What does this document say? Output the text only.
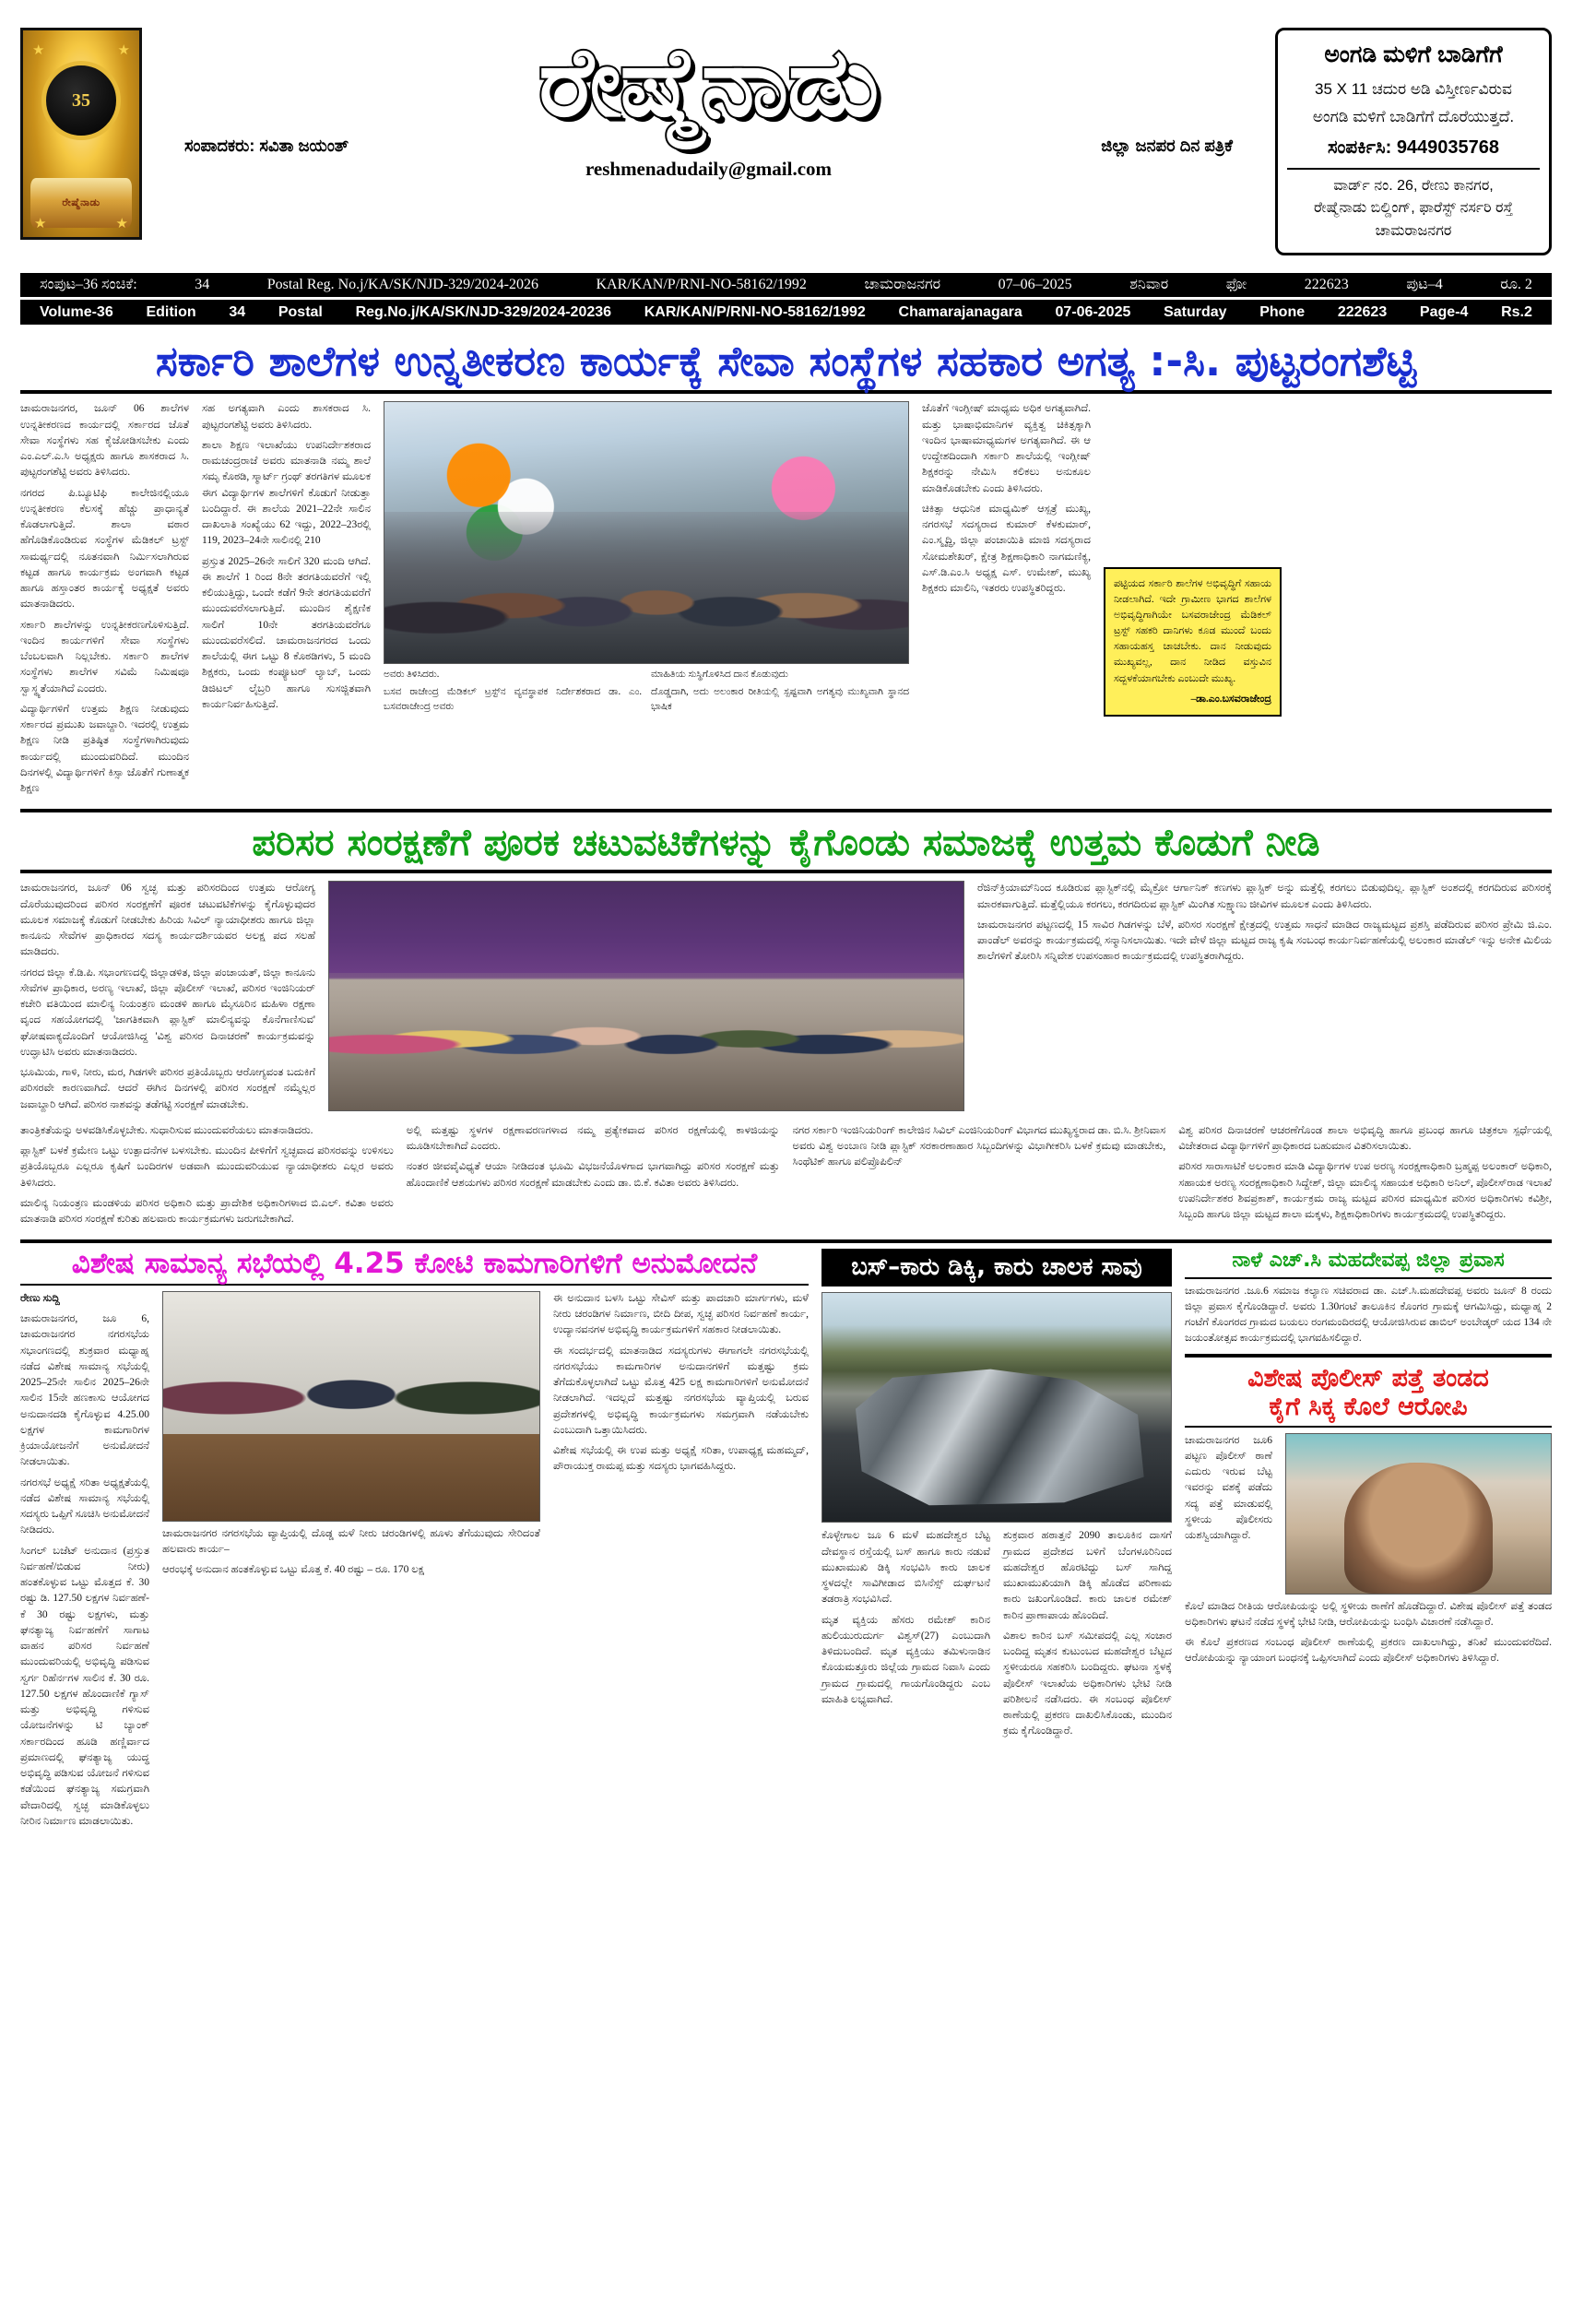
★	★
35
ರೇಷ್ಮೆನಾಡು
★	★
ರೇಷ್ಮೆನಾಡು
ಸಂಪಾದಕರು: ಸವಿತಾ ಜಯಂತ್	ಜಿಲ್ಲಾ ಜನಪರ ದಿನ ಪತ್ರಿಕೆ
reshmenadudaily@gmail.com
ಅಂಗಡಿ ಮಳಿಗೆ ಬಾಡಿಗೆಗೆ
35 X 11 ಚದುರ ಅಡಿ ವಿಸ್ತೀರ್ಣವಿರುವ
ಅಂಗಡಿ ಮಳಿಗೆ ಬಾಡಿಗೆಗೆ ದೊರೆಯುತ್ತದೆ.
ಸಂಪರ್ಕಿಸಿ: 9449035768
ವಾರ್ಡ್ ನಂ. 26, ರೇಣು ಕಾನಗರ,
ರೇಷ್ಮೆನಾಡು ಬಿಲ್ಡಿಂಗ್, ಫಾರೆಸ್ಟ್ ನರ್ಸರಿ ರಸ್ತೆ
ಚಾಮರಾಜನಗರ
ಸಂಪುಟ–36 ಸಂಚಿಕೆ:	34	Postal Reg. No.j/KA/SK/NJD-329/2024-2026	KAR/KAN/P/RNI-NO-58162/1992	ಚಾಮರಾಜನಗರ	07–06–2025	ಶನಿವಾರ	ಫೋ	222623	ಪುಟ–4	ರೂ. 2
Volume-36 Edition 34 Postal Reg.No.j/KA/SK/NJD-329/2024-20236 KAR/KAN/P/RNI-NO-58162/1992 Chamarajanagara 07-06-2025 Saturday Phone 222623 Page-4 Rs.2
ಸರ್ಕಾರಿ ಶಾಲೆಗಳ ಉನ್ನತೀಕರಣ ಕಾರ್ಯಕ್ಕೆ ಸೇವಾ ಸಂಸ್ಥೆಗಳ ಸಹಕಾರ ಅಗತ್ಯ :-ಸಿ. ಪುಟ್ಟರಂಗಶೆಟ್ಟಿ

ಚಾಮರಾಜನಗರ, ಜೂನ್ 06 ಶಾಲೆಗಳ ಉನ್ನತೀಕರಣದ ಕಾರ್ಯದಲ್ಲಿ ಸರ್ಕಾರದ ಜೊತೆ ಸೇವಾ ಸಂಸ್ಥೆಗಳು ಸಹ ಕೈಜೋಡಿಸಬೇಕು ಎಂದು ಎಂ.ಎಲ್.ಎ.ಸಿ ಅಧ್ಯಕ್ಷರು ಹಾಗೂ ಶಾಸಕರಾದ ಸಿ. ಪುಟ್ಟರಂಗಶೆಟ್ಟಿ ಅವರು ತಿಳಿಸಿದರು.

ನಗರದ ಪಿ.ಬ್ಯೂಟಿಫಿ ಕಾಲೇಜಿನಲ್ಲಿಯೂ ಉನ್ನತೀಕರಣ ಕೆಲಸಕ್ಕೆ ಹೆಚ್ಚು ಪ್ರಾಧಾನ್ಯತೆ ಕೊಡಲಾಗುತ್ತಿದೆ. ಶಾಲಾ ವಠಾರ ಹೆಗೊಡಿಕೊಂಡಿರುವ ಸಂಸ್ಥೆಗಳ ಮೆಡಿಕಲ್ ಟ್ರಸ್ಟ್ ಸಾಮರ್ಥ್ಯದಲ್ಲಿ ನೂತನವಾಗಿ ನಿರ್ಮಿಸಲಾಗಿರುವ ಕಟ್ಟಡ ಹಾಗೂ ಕಾರ್ಯಕ್ರಮ ಅಂಗವಾಗಿ ಕಟ್ಟಡ ಹಾಗೂ ಹಸ್ತಾಂತರ ಕಾರ್ಯಕ್ಕೆ ಅಧ್ಯಕ್ಷತೆ ಅವರು ಮಾತನಾಡಿದರು.

ಸರ್ಕಾರಿ ಶಾಲೆಗಳನ್ನು ಉನ್ನತೀಕರಣಗೊಳಿಸುತ್ತಿದೆ. ಇಂದಿನ ಕಾರ್ಯಗಳಿಗೆ ಸೇವಾ ಸಂಸ್ಥೆಗಳು ಬೆಂಬಲವಾಗಿ ನಿಲ್ಲಬೇಕು. ಸರ್ಕಾರಿ ಶಾಲೆಗಳ ಸಂಸ್ಥೆಗಳು ಶಾಲೆಗಳ ಸವಿಮೆ ನಿಮಿಷವೂ ಸ್ವಾಸ್ಥ್ಯತೆಯಾಗಿದೆ ಎಂದರು.

ವಿದ್ಯಾರ್ಥಿಗಳಿಗೆ ಉತ್ತಮ ಶಿಕ್ಷಣ ನೀಡುವುದು ಸರ್ಕಾರದ ಪ್ರಮುಖ ಜವಾಬ್ದಾರಿ. ಇದರಲ್ಲಿ ಉತ್ತಮ ಶಿಕ್ಷಣ ನೀಡಿ ಪ್ರತಿಷ್ಠಿತ ಸಂಸ್ಥೆಗಳಾಗಿರುವುದು ಕಾರ್ಯದಲ್ಲಿ ಮುಂದುವರಿದಿದೆ. ಮುಂದಿನ ದಿನಗಳಲ್ಲಿ ವಿದ್ಯಾರ್ಥಿಗಳಿಗೆ ಕಿಸ್ಸಾ ಜೊತೆಗೆ ಗುಣಾತ್ಮಕ ಶಿಕ್ಷಣ

ಸಹ ಅಗತ್ಯವಾಗಿ ಎಂದು ಶಾಸಕರಾದ ಸಿ. ಪುಟ್ಟರಂಗಶೆಟ್ಟಿ ಅವರು ತಿಳಿಸಿದರು.

ಶಾಲಾ ಶಿಕ್ಷಣ ಇಲಾಖೆಯು ಉಪನಿರ್ದೇಶಕರಾದ ರಾಮಚಂದ್ರರಾಜೆ ಅವರು ಮಾತನಾಡಿ ನಮ್ಮ ಶಾಲೆ ಸಮೃ ಕೊಠಡಿ, ಸ್ಮಾರ್ಟ್ ಗ್ರಂಥ್ ತರಗತಿಗಳ ಮೂಲಕ ಈಗ ವಿದ್ಯಾರ್ಥಿಗಳ ಶಾಲೆಗಳಿಗೆ ಕೊಡುಗೆ ನೀಡುತ್ತಾ ಬಂದಿದ್ದಾರೆ. ಈ ಶಾಲೆಯ 2021–22ನೇ ಸಾಲಿನ ದಾಖಲಾತಿ ಸಂಖ್ಯೆಯು 62 ಇದ್ದು, 2022–23ರಲ್ಲಿ 119, 2023–24ನೇ ಸಾಲಿನಲ್ಲಿ 210

ಪ್ರಸ್ತುತ 2025–26ನೇ ಸಾಲಿಗೆ 320 ಮಂದಿ ಆಗಿದೆ. ಈ ಶಾಲೆಗೆ 1 ರಿಂದ 8ನೇ ತರಗತಿಯವರೆಗೆ ಇಲ್ಲಿ ಕಲಿಯುತ್ತಿದ್ದು, ಒಂದೇ ಕಡೆಗೆ 9ನೇ ತರಗತಿಯವರೆಗೆ ಮುಂದುವರೆಸಲಾಗುತ್ತಿದೆ. ಮುಂದಿನ ಶೈಕ್ಷಣಿಕ ಸಾಲಿಗೆ 10ನೇ ತರಗತಿಯವರೆಗೂ ಮುಂದುವರೆಸಲಿದೆ. ಚಾಮರಾಜನಗರದ ಒಂದು ಶಾಲೆಯಲ್ಲಿ ಈಗ ಒಟ್ಟು 8 ಕೊಠಡಿಗಳು, 5 ಮಂದಿ ಶಿಕ್ಷಕರು, ಒಂದು ಕಂಪ್ಯೂಟರ್ ಲ್ಯಾಬ್, ಒಂದು ಡಿಜಿಟಲ್ ಲೈಬ್ರರಿ ಹಾಗೂ ಸುಸಜ್ಜಿತವಾಗಿ ಕಾರ್ಯನಿರ್ವಹಿಸುತ್ತಿದೆ.

ಅವರು ತಿಳಿಸಿದರು.	ಮಾಹಿತಿಯ ಸುಸ್ಥಿಗೊಳಿಸಿದ ದಾನ ಕೊಡುವುದು
ಬಸವ ರಾಜೇಂದ್ರ ಮೆಡಿಕಲ್ ಟ್ರಸ್ಟ್‌ನ ವ್ಯವಸ್ಥಾಪಕ ನಿರ್ದೇಶಕರಾದ ಡಾ. ಎಂ. ಬಸವರಾಜೇಂದ್ರ ಅವರು
ದೊಡ್ಡದಾಗಿ, ಅದು ಅಲಂಕಾರ ರೀತಿಯಲ್ಲಿ ಸ್ಪಷ್ಟವಾಗಿ ಅಗತ್ಯವು ಮುಖ್ಯವಾಗಿ ಸ್ಥಾನದ ಭಾಷಿಕ

ಜೊತೆಗೆ ಇಂಗ್ಲೀಷ್ ಮಾಧ್ಯಮ ಅಧಿಕ ಅಗತ್ಯವಾಗಿದೆ. ಮತ್ತು ಭಾಷಾಭಿಮಾನಿಗಳ ವ್ಯಕ್ತಿತ್ವ ಚಿಕಿತ್ಸಕ್ಕಾಗಿ ಇಂದಿನ ಭಾಷಾಮಾಧ್ಯಮಗಳ ಅಗತ್ಯವಾಗಿದೆ. ಈ ಆ ಉದ್ದೇಶದಿಂದಾಗಿ ಸರ್ಕಾರಿ ಶಾಲೆಯಲ್ಲಿ ಇಂಗ್ಲೀಷ್ ಶಿಕ್ಷಕರನ್ನು ನೇಮಿಸಿ ಕಲಿಕಲು ಅನುಕೂಲ ಮಾಡಿಕೊಡಬೇಕು ಎಂದು ತಿಳಿಸಿದರು.

ಚಿಕಿತ್ಸಾ ಆಧುನಿಕ ಮಾಧ್ಯಮಿಕ್ ಆಸ್ಪತ್ರೆ ಮುಖ್ಯ, ನಗರಸಭೆ ಸದಸ್ಯರಾದ ಕುಮಾರ್ ಕೆಳಕುಮಾರ್, ಎಂ.ಸ್ಮೃದ್ಧಿ, ಜಿಲ್ಲಾ ಪಂಚಾಯಿತಿ ಮಾಜಿ ಸದಸ್ಯರಾದ ಸೋಮಶೇಖರ್, ಕ್ಷೇತ್ರ ಶಿಕ್ಷಣಾಧಿಕಾರಿ ನಾಗಮಣಿಕ್ಯ, ಎಸ್.ಡಿ.ಎಂ.ಸಿ ಅಧ್ಯಕ್ಷ ಎಸ್. ಉಮೇಶ್, ಮುಖ್ಯ ಶಿಕ್ಷಕರು ಮಾಲಿನಿ, ಇತರರು ಉಪಸ್ಥಿತರಿದ್ದರು.	ಪಟ್ಟಿಯದ ಸರ್ಕಾರಿ ಶಾಲೆಗಳ ಅಭಿವೃದ್ಧಿಗೆ ಸಹಾಯ ನೀಡಲಾಗಿದೆ. ಇದೇ ಗ್ರಾಮೀಣ ಭಾಗದ ಶಾಲೆಗಳ ಅಭಿವೃದ್ಧಿಗಾಗಿಯೇ ಬಸವರಾಜೇಂದ್ರ ಮೆಡಿಕಲ್ ಟ್ರಸ್ಟ್ ಸಹಕರಿ ದಾನಿಗಳು ಕೂಡ ಮುಂದೆ ಬಂದು ಸಹಾಯಹಸ್ತ ಚಾಚಬೇಕು. ದಾನ ನೀಡುವುದು ಮುಖ್ಯವಲ್ಲ, ದಾನ ನೀಡಿದ ವಸ್ತುವಿನ ಸದ್ಬಳಕೆಯಾಗಬೇಕು ಎಂಬುದೇ ಮುಖ್ಯ.
–ಡಾ.ಎಂ.ಬಸವರಾಜೇಂದ್ರ
ಪರಿಸರ ಸಂರಕ್ಷಣೆಗೆ ಪೂರಕ ಚಟುವಟಿಕೆಗಳನ್ನು ಕೈಗೊಂಡು ಸಮಾಜಕ್ಕೆ ಉತ್ತಮ ಕೊಡುಗೆ ನೀಡಿ

ಚಾಮರಾಜನಗರ, ಜೂನ್ 06 ಸ್ವಚ್ಛ ಮತ್ತು ಪರಿಸರದಿಂದ ಉತ್ತಮ ಆರೋಗ್ಯ ದೊರೆಯುವುದರಿಂದ ಪರಿಸರ ಸಂರಕ್ಷಣೆಗೆ ಪೂರಕ ಚಟುವಟಿಕೆಗಳನ್ನು ಕೈಗೊಳ್ಳುವುದರ ಮೂಲಕ ಸಮಾಜಕ್ಕೆ ಕೊಡುಗೆ ನೀಡಬೇಕು ಹಿರಿಯ ಸಿವಿಲ್ ನ್ಯಾಯಾಧೀಶರು ಹಾಗೂ ಜಿಲ್ಲಾ ಕಾನೂನು ಸೇವೆಗಳ ಪ್ರಾಧಿಕಾರದ ಸದಸ್ಯ ಕಾರ್ಯದರ್ಶಿಯವರ ಅಲಕ್ಷ ಪದ ಸಲಹೆ ಮಾಡಿದರು.

ನಗರದ ಜಿಲ್ಲಾ ಕೆ.ಡಿ.ಪಿ. ಸಭಾಂಗಣದಲ್ಲಿ ಜಿಲ್ಲಾಡಳಿತ, ಜಿಲ್ಲಾ ಪಂಚಾಯತ್, ಜಿಲ್ಲಾ ಕಾನೂನು ಸೇವೆಗಳ ಪ್ರಾಧಿಕಾರ, ಅರಣ್ಯ ಇಲಾಖೆ, ಜಿಲ್ಲಾ ಪೊಲೀಸ್ ಇಲಾಖೆ, ಪರಿಸರ ಇಂಜಿನಿಯರ್ ಕಚೇರಿ ವತಿಯಿಂದ ಮಾಲಿನ್ಯ ನಿಯಂತ್ರಣ ಮಂಡಳಿ ಹಾಗೂ ಮೈಸೂರಿನ ಮಹಿಳಾ ರಕ್ಷಣಾ ವೃಂದ ಸಹಯೋಗದಲ್ಲಿ 'ಜಾಗತಿಕವಾಗಿ ಪ್ಲಾಸ್ಟಿಕ್ ಮಾಲಿನ್ಯವನ್ನು ಕೊನೆಗಾಣಿಸುವ' ಘೋಷವಾಕ್ಯದೊಂದಿಗೆ ಆಯೋಜಿಸಿದ್ದ 'ವಿಶ್ವ ಪರಿಸರ ದಿನಾಚರಣೆ' ಕಾರ್ಯಕ್ರಮವನ್ನು ಉದ್ಘಾಟಿಸಿ ಅವರು ಮಾತನಾಡಿದರು.

ಭೂಮಿಯ, ಗಾಳಿ, ನೀರು, ಮರ, ಗಿಡಗಳೇ ಪರಿಸರ ಪ್ರತಿಯೊಬ್ಬರು ಆರೋಗ್ಯವಂತ ಬದುಕಿಗೆ ಪರಿಸರವೇ ಕಾರಣವಾಗಿದೆ. ಆದರೆ ಈಗಿನ ದಿನಗಳಲ್ಲಿ ಪರಿಸರ ಸಂರಕ್ಷಣೆ ನಮ್ಮೆಲ್ಲರ ಜವಾಬ್ದಾರಿ ಆಗಿದೆ. ಪರಿಸರ ನಾಶವನ್ನು ತಡೆಗಟ್ಟಿ ಸಂರಕ್ಷಣೆ ಮಾಡಬೇಕು.

ರೆಜಿನ್‌ಕ್ರಿಯಾಮ್‌ನಿಂದ ಕೂಡಿರುವ ಪ್ಲಾಸ್ಟಿಕ್‌ನಲ್ಲಿ ಮೈಕ್ರೋ ಆರ್ಗಾನಿಕ್ ಕಣಗಳು ಪ್ಲಾಸ್ಟಿಕ್ ಅನ್ನು ಮತ್ತೆಲ್ಲಿ ಕರಗಲು ಬಿಡುವುದಿಲ್ಲ. ಪ್ಲಾಸ್ಟಿಕ್ ಅಂಶದಲ್ಲಿ ಕರಗದಿರುವ ಪರಿಸರಕ್ಕೆ ಮಾರಕವಾಗುತ್ತಿದೆ. ಮತ್ತೆಲ್ಲಿಯೂ ಕರಗಲು, ಕರಗದಿರುವ ಪ್ಲಾಸ್ಟಿಕ್ ಮಿಂಗಿತ ಸುಕ್ಷ್ಮಾಣು ಜೀವಿಗಳ ಮೂಲಕ ಎಂದು ತಿಳಿಸಿದರು.

ಚಾಮರಾಜನಗರ ಪಟ್ಟಣದಲ್ಲಿ 15 ಸಾವಿರ ಗಿಡಗಳನ್ನು ಬೆಳೆ, ಪರಿಸರ ಸಂರಕ್ಷಣೆ ಕ್ಷೇತ್ರದಲ್ಲಿ ಉತ್ತಮ ಸಾಧನೆ ಮಾಡಿದ ರಾಜ್ಯಮಟ್ಟದ ಪ್ರಶಸ್ತಿ ಪಡೆದಿರುವ ಪರಿಸರ ಪ್ರೇಮಿ ಜಿ.ಎಂ. ಪಾಂಡೆಲ್ ಅವರನ್ನು ಕಾರ್ಯಕ್ರಮದಲ್ಲಿ ಸನ್ಮಾನಿಸಲಾಯಿತು. ಇದೇ ವೇಳೆ ಜಿಲ್ಲಾ ಮಟ್ಟದ ರಾಜ್ಯ ಕೃಷಿ ಸಂಬಂಧ ಕಾರ್ಯನಿರ್ವಹಣೆಯಲ್ಲಿ ಅಲಂಕಾರ ಮಾಡೆಲ್ ಇನ್ನು ಅನೇಕ ಮಿಲಿಯ ಶಾಲೆಗಳಿಗೆ ತೋರಿಸಿ ಸನ್ನಿವೇಶ ಉಪಸಂಹಾರ ಕಾರ್ಯಕ್ರಮದಲ್ಲಿ ಉಪಸ್ಥಿತರಾಗಿದ್ದರು.

ತಾಂತ್ರಿಕತೆಯನ್ನು ಅಳವಡಿಸಿಕೊಳ್ಳಬೇಕು. ಸುಧಾರಿಸುವ ಮುಂದುವರೆಯಲು ಮಾತನಾಡಿದರು.

ಪ್ಲಾಸ್ಟಿಕ್ ಬಳಕೆ ಕ್ರಮೇಣ ಒಟ್ಟು ಉತ್ಪಾದನೆಗಳ ಬಳಸಬೇಕು. ಮುಂದಿನ ಪೀಳಿಗೆಗೆ ಸ್ವಚ್ಛವಾದ ಪರಿಸರವನ್ನು ಉಳಿಸಲು ಪ್ರತಿಯೊಬ್ಬರೂ ಎಲ್ಲರೂ ಕೃಷಿಗೆ ಬಂದಿರಗಳ ಅಡವಾಗಿ ಮುಂದುವರಿಯುವ ನ್ಯಾಯಾಧೀಶರು ಎಲ್ಲರ ಅವರು ತಿಳಿಸಿದರು.

ಮಾಲಿನ್ಯ ನಿಯಂತ್ರಣ ಮಂಡಳಿಯ ಪರಿಸರ ಅಧಿಕಾರಿ ಮತ್ತು ಪ್ರಾದೇಶಿಕ ಅಧಿಕಾರಿಗಳಾದ ಬಿ.ಎಲ್. ಕವಿತಾ ಅವರು ಮಾತನಾಡಿ ಪರಿಸರ ಸಂರಕ್ಷಣೆ ಕುರಿತು ಹಲವಾರು ಕಾರ್ಯಕ್ರಮಗಳು ಜರುಗಬೇಕಾಗಿದೆ.

ಅಲ್ಲಿ ಮತ್ತಷ್ಟು ಸ್ಥಳಗಳ ರಕ್ಷಣಾವರಣಗಳಾದ ನಮ್ಮ ಪ್ರತ್ಯೇಕವಾದ ಪರಿಸರ ರಕ್ಷಣೆಯಲ್ಲಿ ಕಾಳಜಿಯನ್ನು ಮೂಡಿಸಬೇಕಾಗಿದೆ ಎಂದರು.

ನಂತರ ಜೀವವೈವಿಧ್ಯತೆ ಆಯಾ ನೀಡಿದಂತ ಭೂಮಿ ವಿಭಜನೆಯೊಳಗಾದ ಭಾಗವಾಗಿದ್ದು ಪರಿಸರ ಸಂರಕ್ಷಣೆ ಮತ್ತು ಹೊಂದಾಣಿಕೆ ಆಶಯಗಳು ಪರಿಸರ ಸಂರಕ್ಷಣೆ ಮಾಡಬೇಕು ಎಂದು ಡಾ. ಬಿ.ಕೆ. ಕವಿತಾ ಅವರು ತಿಳಿಸಿದರು.

ನಗರ ಸರ್ಕಾರಿ ಇಂಜಿನಿಯರಿಂಗ್ ಕಾಲೇಜಿನ ಸಿವಿಲ್ ಎಂಜಿನಿಯರಿಂಗ್ ವಿಭಾಗದ ಮುಖ್ಯಸ್ಥರಾದ ಡಾ. ಬಿ.ಸಿ. ಶ್ರೀನಿವಾಸ ಅವರು ವಿಶ್ವ ಅಂಬಾಣ ನೀಡಿ ಪ್ಲಾಸ್ಟಿಕ್ ಸರಕಾರಣಾಹಾರ ಸಿಬ್ಬಂದಿಗಳನ್ನು ವಿಭಾಗೀಕರಿಸಿ ಬಳಕೆ ಕ್ರಮವು ಮಾಡಬೇಕು, ಸಿಂಥೆಟಿಕ್ ಹಾಗೂ ಪಲಿಪ್ರೊಪಿಲಿನ್

ವಿಶ್ವ ಪರಿಸರ ದಿನಾಚರಣೆ ಆಚರಣೆಗೊಂಡ ಶಾಲಾ ಅಭಿವೃದ್ಧಿ ಹಾಗೂ ಪ್ರಬಂಧ ಹಾಗೂ ಚಿತ್ರಕಲಾ ಸ್ಪರ್ಧೆಯಲ್ಲಿ ವಿಜೇತರಾದ ವಿದ್ಯಾರ್ಥಿಗಳಿಗೆ ಪ್ರಾಧಿಕಾರದ ಬಹುಮಾನ ವಿತರಿಸಲಾಯಿತು.

ಪರಿಸರ ಸಾರಾಸಾಟಿಕೆ ಅಲಂಕಾರ ಮಾಡಿ ವಿದ್ಯಾರ್ಥಿಗಳ ಉಪ ಅರಣ್ಯ ಸಂರಕ್ಷಣಾಧಿಕಾರಿ ಬ್ರಹ್ಮಪ್ಪ ಅಲಂಕಾರ್ ಅಧಿಕಾರಿ, ಸಹಾಯಕ ಅರಣ್ಯ ಸಂರಕ್ಷಣಾಧಿಕಾರಿ ಸಿದ್ದೇಶ್, ಜಿಲ್ಲಾ ಮಾಲಿನ್ಯ ಸಹಾಯಕ ಅಧಿಕಾರಿ ಅನಿಲ್, ಪೊಲೀಸ್‌ರಾಡ ಇಲಾಖೆ ಉಪನಿರ್ದೇಶಕರ ಶಿವಪ್ರಕಾಶ್, ಕಾರ್ಯಕ್ರಮ ರಾಜ್ಯ ಮಟ್ಟದ ಪರಿಸರ ಮಾಧ್ಯಮಿಕ ಪರಿಸರ ಅಧಿಕಾರಿಗಳು ಕವಿಶ್ರೀ, ಸಿಬ್ಬಂದಿ ಹಾಗೂ ಜಿಲ್ಲಾ ಮಟ್ಟದ ಶಾಲಾ ಮಕ್ಕಳು, ಶಿಕ್ಷಕಾಧಿಕಾರಿಗಳು ಕಾರ್ಯಕ್ರಮದಲ್ಲಿ ಉಪಸ್ಥಿತರಿದ್ದರು.

ವಿಶೇಷ ಸಾಮಾನ್ಯ ಸಭೆಯಲ್ಲಿ 4.25 ಕೋಟಿ ಕಾಮಗಾರಿಗಳಿಗೆ ಅನುಮೋದನೆ

ರೇಣು ಸುದ್ದಿ

ಚಾಮರಾಜನಗರ, ಜೂ 6, ಚಾಮರಾಜನಗರ ನಗರಸಭೆಯ ಸಭಾಂಗಣದಲ್ಲಿ ಶುಕ್ರವಾರ ಮಧ್ಯಾಹ್ನ ನಡೆದ ವಿಶೇಷ ಸಾಮಾನ್ಯ ಸಭೆಯಲ್ಲಿ 2025–25ನೇ ಸಾಲಿನ 2025–26ನೇ ಸಾಲಿನ 15ನೇ ಹಣಕಾಸು ಆಯೋಗದ ಅನುದಾನದಡಿ ಕೈಗೊಳ್ಳುವ 4.25.00 ಲಕ್ಷಗಳ ಕಾಮಗಾರಿಗಳ ಕ್ರಿಯಾಯೋಜನೆಗೆ ಅನುಮೋದನೆ ನೀಡಲಾಯಿತು.

ನಗರಸಭೆ ಅಧ್ಯಕ್ಷೆ ಸರಿತಾ ಅಧ್ಯಕ್ಷತೆಯಲ್ಲಿ ನಡೆದ ವಿಶೇಷ ಸಾಮಾನ್ಯ ಸಭೆಯಲ್ಲಿ ಸದಸ್ಯರು ಒಪ್ಪಿಗೆ ಸೂಚಿಸಿ ಅನುಮೋದನೆ ನೀಡಿದರು.

ಸಿಂಗಲ್ ಬಜೆಟ್ ಅನುದಾನ (ಪ್ರಸ್ತುತ ನಿರ್ವಹಣೆ/ಬಿಡುವ ನೀರು) ಹಂತಕೊಳ್ಳುವ ಒಟ್ಟು ಮೊತ್ತದ ಕೆ. 30 ರಷ್ಟು ಡಿ. 127.50 ಲಕ್ಷಗಳ ನಿರ್ವಹಣೆ-ಕೆ 30 ರಷ್ಟು ಲಕ್ಷಗಳು, ಮತ್ತು ಘನತ್ಯಾಜ್ಯ ನಿರ್ವಹಣೆಗೆ ಸಾಗಾಟ ವಾಹನ ಪರಿಸರ ನಿರ್ವಹಣೆ ಮುಂದುವರಿಯಲ್ಲಿ ಅಭಿವೃದ್ಧಿ ಪಡಿಸುವ ಸ್ವರ್ಗ ರಿಹೆರ್ನಗಳ ಸಾಲಿನ ಕೆ. 30 ರೂ. 127.50 ಲಕ್ಷಗಳ ಹೊಂದಾಣಿಕೆ ಗ್ಯಾಸ್ ಮತ್ತು ಅಭಿವೃದ್ಧಿ ಗಳಿಸುವ ಯೋಜನೆಗಳನ್ನು ಟಿ ಬ್ಯಾಂಕ್ ಸರ್ಕಾರದಿಂದ ಹೂಡಿ ಹಣ್ಣಿರ್ವಾದ ಪ್ರಮಾಣದಲ್ಲಿ ಘನತ್ಯಾಜ್ಯ ಯುದ್ಧ ಅಭಿವೃದ್ಧಿ ಪಡಿಸುವ ಯೋಜನೆ ಗಳಿಸುವ ಕಡೆಯಿಂದ ಘನತ್ಯಾಜ್ಯ ಸಮಗ್ರವಾಗಿ ವೇದಾರಿದಲ್ಲಿ ಸ್ವಚ್ಛ ಮಾಡಿಕೊಳ್ಳಲು ನೀರಿನ ನಿರ್ಮಾಣ ಮಾಡಲಾಯಿತು.

ಚಾಮರಾಜನಗರ ನಗರಸಭೆಯ ವ್ಯಾಪ್ತಿಯಲ್ಲಿ ದೊಡ್ಡ ಮಳೆ ನೀರು ಚರಂಡಿಗಳಲ್ಲಿ ಹೂಳು ತೆಗೆಯುವುದು ಸೇರಿದಂತೆ ಹಲವಾರು ಕಾರ್ಯ–

ಆರಂಭಕ್ಕೆ ಅನುದಾನ ಹಂತಕೊಳ್ಳುವ ಒಟ್ಟು ಮೊತ್ತ ಕೆ. 40 ರಷ್ಟು – ರೂ. 170 ಲಕ್ಷ

ಈ ಅನುದಾನ ಬಳಸಿ ಒಟ್ಟು ಸೇವಿಸ್ ಮತ್ತು ಪಾದಚಾರಿ ಮಾರ್ಗಗಳು, ಮಳೆ ನೀರು ಚರಂಡಿಗಳ ನಿರ್ಮಾಣ, ಬೀದಿ ದೀಪ, ಸ್ವಚ್ಛ ಪರಿಸರ ನಿರ್ವಹಣೆ ಕಾರ್ಯ, ಉದ್ಯಾನವನಗಳ ಅಭಿವೃದ್ಧಿ ಕಾರ್ಯಕ್ರಮಗಳಿಗೆ ಸಹಕಾರ ನೀಡಲಾಯಿತು.

ಈ ಸಂದರ್ಭದಲ್ಲಿ ಮಾತನಾಡಿದ ಸದಸ್ಯರುಗಳು ಈಗಾಗಲೇ ನಗರಸಭೆಯಲ್ಲಿ ನಗರಸಭೆಯು ಕಾಮಗಾರಿಗಳ ಅನುದಾನಗಳಿಗೆ ಮತ್ತಷ್ಟು ಕ್ರಮ ತೆಗೆದುಕೊಳ್ಳಲಾಗಿದೆ ಒಟ್ಟು ಮೊತ್ತ 425 ಲಕ್ಷ ಕಾಮಗಾರಿಗಳಿಗೆ ಅನುಮೋದನೆ ನೀಡಲಾಗಿದೆ. ಇದಲ್ಲದೆ ಮತ್ತಷ್ಟು ನಗರಸಭೆಯ ವ್ಯಾಪ್ತಿಯಲ್ಲಿ ಬರುವ ಪ್ರದೇಶಗಳಲ್ಲಿ ಅಭಿವೃದ್ಧಿ ಕಾರ್ಯಕ್ರಮಗಳು ಸಮಗ್ರವಾಗಿ ನಡೆಯಬೇಕು ಎಂಬುದಾಗಿ ಒತ್ತಾಯಿಸಿದರು.

ವಿಶೇಷ ಸಭೆಯಲ್ಲಿ ಈ ಉಪ ಮತ್ತು ಅಧ್ಯಕ್ಷೆ ಸರಿತಾ, ಉಪಾಧ್ಯಕ್ಷ ಮಹಮ್ಮದ್, ಪೌರಾಯುಕ್ತ ರಾಮಪ್ಪ ಮತ್ತು ಸದಸ್ಯರು ಭಾಗವಹಿಸಿದ್ದರು.

ಬಸ್–ಕಾರು ಡಿಕ್ಕಿ, ಕಾರು ಚಾಲಕ ಸಾವು

ಕೊಳ್ಳೇಗಾಲ ಜೂ 6 ಮಳೆ ಮಹದೇಶ್ವರ ಬೆಟ್ಟ ದೇವಸ್ಥಾನ ರಸ್ತೆಯಲ್ಲಿ ಬಸ್ ಹಾಗೂ ಕಾರು ನಡುವೆ ಮುಖಾಮುಖಿ ಡಿಕ್ಕಿ ಸಂಭವಿಸಿ ಕಾರು ಚಾಲಕ ಸ್ಥಳದಲ್ಲೇ ಸಾವಿಗೀಡಾದ ಬಿಸಿನೆಸ್ಸ್ ದುರ್ಘಟನೆ ತಡರಾತ್ರಿ ಸಂಭವಿಸಿದೆ.

ಮೃತ ವ್ಯಕ್ತಿಯ ಹೆಸರು ರಮೇಶ್ ಕಾರಿನ ಹುಲಿಯುರುದುರ್ಗ ವಿಶ್ವಸ್(27) ಎಂಬುದಾಗಿ ತಿಳಿದುಬಂದಿದೆ. ಮೃತ ವ್ಯಕ್ತಿಯು ತಮಿಳುನಾಡಿನ ಕೊಯಮತ್ತೂರು ಜಿಲ್ಲೆಯ ಗ್ರಾಮದ ನಿವಾಸಿ ಎಂದು ಗ್ರಾಮದ ಗ್ರಾಮದಲ್ಲಿ ಗಾಯಗೊಂಡಿದ್ದರು ಎಂಬ ಮಾಹಿತಿ ಲಭ್ಯವಾಗಿದೆ.

ಶುಕ್ರವಾರ ಹಠಾತ್ತನೆ 2090 ತಾಲೂಕಿನ ದಾಸಗೆ ಗ್ರಾಮದ ಪ್ರದೇಶದ ಬಳಿಗೆ ಬೆಂಗಳೂರಿನಿಂದ ಮಹದೇಶ್ವರ ಹೊರಟಿದ್ದು ಬಸ್ ಸಾಗಿದ್ದ ಮುಖಾಮುಖಿಯಾಗಿ ಡಿಕ್ಕಿ ಹೊಡೆದ ಪರಿಣಾಮ ಕಾರು ಜಖಂಗೊಂಡಿದೆ. ಕಾರು ಚಾಲಕ ರಮೇಶ್ ಕಾರಿನ ಪ್ರಾಣಾಪಾಯ ಹೊಂದಿದೆ.

ವಿಶಾಲ ಕಾರಿನ ಬಸ್ ಸಮೀಪದಲ್ಲಿ ಎಲ್ಲ ಸಂಚಾರ ಬಂದಿದ್ದ ಮೃತನ ಕುಟುಂಬದ ಮಹದೇಶ್ವರ ಬೆಟ್ಟದ ಸ್ಥಳೀಯರೂ ಸಹಕರಿಸಿ ಬಂದಿದ್ದರು. ಘಟನಾ ಸ್ಥಳಕ್ಕೆ ಪೊಲೀಸ್ ಇಲಾಖೆಯ ಅಧಿಕಾರಿಗಳು ಭೇಟಿ ನೀಡಿ ಪರಿಶೀಲನೆ ನಡೆಸಿದರು. ಈ ಸಂಬಂಧ ಪೊಲೀಸ್ ಠಾಣೆಯಲ್ಲಿ ಪ್ರಕರಣ ದಾಖಲಿಸಿಕೊಂಡು, ಮುಂದಿನ ಕ್ರಮ ಕೈಗೊಂಡಿದ್ದಾರೆ.

ನಾಳೆ ಎಚ್.ಸಿ ಮಹದೇವಪ್ಪ ಜಿಲ್ಲಾ ಪ್ರವಾಸ

ಚಾಮರಾಜನಗರ .ಜೂ.6 ಸಮಾಜ ಕಲ್ಯಾಣ ಸಚಿವರಾದ ಡಾ. ಎಚ್.ಸಿ.ಮಹದೇವಪ್ಪ ಅವರು ಜೂನ್ 8 ರಂದು ಜಿಲ್ಲಾ ಪ್ರವಾಸ ಕೈಗೊಂಡಿದ್ದಾರೆ. ಅವರು 1.30ಗಂಟೆ ತಾಲೂಕಿನ ಕೊಂಗರ ಗ್ರಾಮಕ್ಕೆ ಆಗಮಿಸಿದ್ದು, ಮಧ್ಯಾಹ್ನ 2 ಗಂಟೆಗೆ ಕೊಂಗರದ ಗ್ರಾಮದ ಬಯಲು ರಂಗಮಂದಿರದಲ್ಲಿ ಆಯೋಜಿಸಿರುವ ಡಾಬಿಲ್ ಅಂಬೇಡ್ಕರ್ ಯದ 134 ನೇ ಜಯಂತೋತ್ಸವ ಕಾರ್ಯಕ್ರಮದಲ್ಲಿ ಭಾಗವಹಿಸಲಿದ್ದಾರೆ.

ವಿಶೇಷ ಪೊಲೀಸ್ ಪತ್ತೆ ತಂಡದ
ಕೈಗೆ ಸಿಕ್ಕ ಕೊಲೆ ಆರೋಪಿ

ಚಾಮರಾಜನಗರ ಜೂ6 ಪಟ್ಟಣ ಪೊಲೀಸ್ ಠಾಣೆ ಎದುರು ಇರುವ ಬೆಟ್ಟ ಇವರನ್ನು ವಶಕ್ಕೆ ಪಡೆದು ಸದ್ಯ ಪತ್ತೆ ಮಾಡುವಲ್ಲಿ ಸ್ಥಳೀಯ ಪೊಲೀಸರು ಯಶಸ್ವಿಯಾಗಿದ್ದಾರೆ.

ಕೊಲೆ ಮಾಡಿದ ರೀತಿಯ ಆರೋಪಿಯನ್ನು ಅಲ್ಲಿ ಸ್ಥಳೀಯ ಠಾಣೆಗೆ ಹೊಡೆದಿದ್ದಾರೆ. ವಿಶೇಷ ಪೊಲೀಸ್ ಪತ್ತೆ ತಂಡದ ಅಧಿಕಾರಿಗಳು ಘಟನೆ ನಡೆದ ಸ್ಥಳಕ್ಕೆ ಭೇಟಿ ನೀಡಿ, ಆರೋಪಿಯನ್ನು ಬಂಧಿಸಿ ವಿಚಾರಣೆ ನಡೆಸಿದ್ದಾರೆ.

ಈ ಕೊಲೆ ಪ್ರಕರಣದ ಸಂಬಂಧ ಪೊಲೀಸ್ ಠಾಣೆಯಲ್ಲಿ ಪ್ರಕರಣ ದಾಖಲಾಗಿದ್ದು, ತನಿಖೆ ಮುಂದುವರೆದಿದೆ. ಆರೋಪಿಯನ್ನು ನ್ಯಾಯಾಂಗ ಬಂಧನಕ್ಕೆ ಒಪ್ಪಿಸಲಾಗಿದೆ ಎಂದು ಪೊಲೀಸ್ ಅಧಿಕಾರಿಗಳು ತಿಳಿಸಿದ್ದಾರೆ.
